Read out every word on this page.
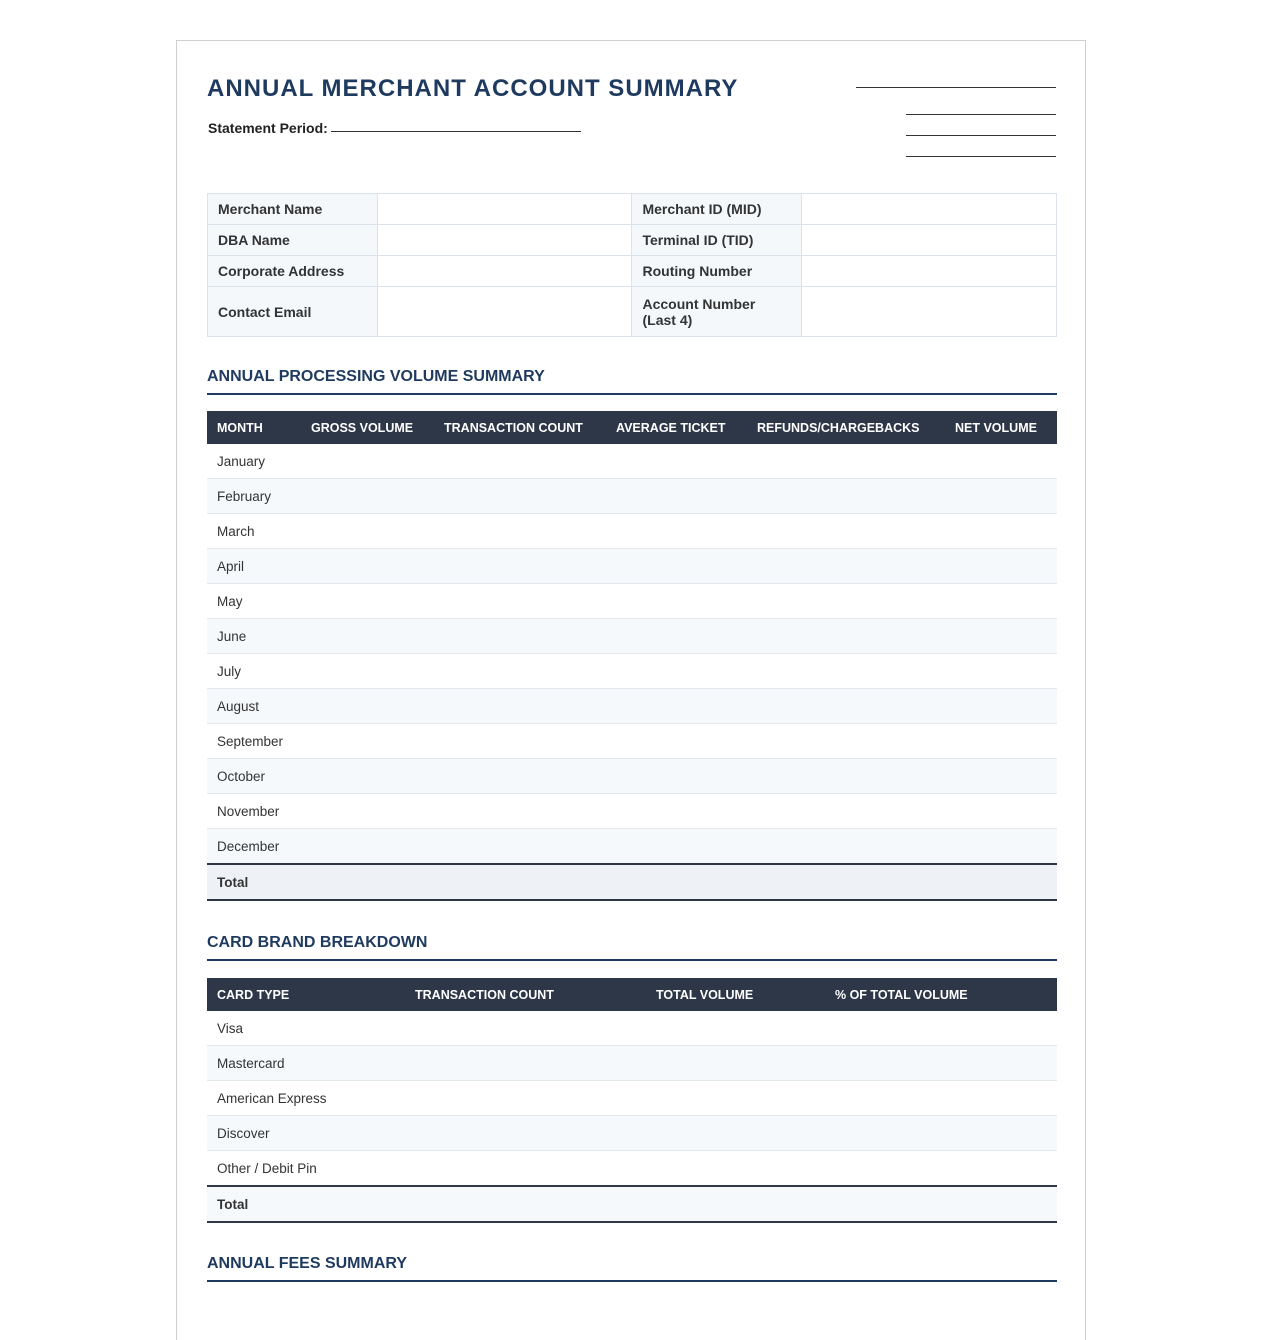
ANNUAL MERCHANT ACCOUNT SUMMARY
Statement Period:
Merchant Name		Merchant ID (MID)	
DBA Name		Terminal ID (TID)	
Corporate Address		Routing Number	
Contact Email		Account Number (Last 4)	
ANNUAL PROCESSING VOLUME SUMMARY
MONTH	GROSS VOLUME	TRANSACTION COUNT	AVERAGE TICKET	REFUNDS/CHARGEBACKS	NET VOLUME
January					
February					
March					
April					
May					
June					
July					
August					
September					
October					
November					
December					
Total					
CARD BRAND BREAKDOWN
CARD TYPE	TRANSACTION COUNT	TOTAL VOLUME	% OF TOTAL VOLUME
Visa			
Mastercard			
American Express			
Discover			
Other / Debit Pin			
Total			
ANNUAL FEES SUMMARY
